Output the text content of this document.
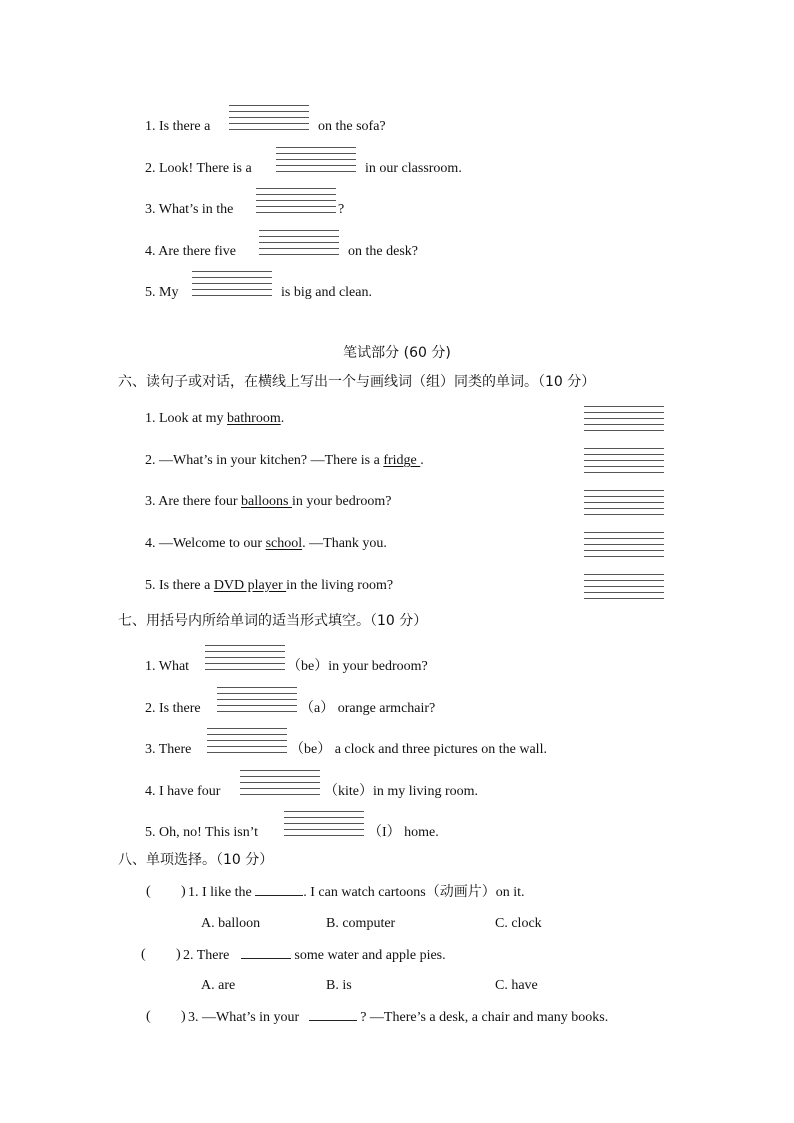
1. Is there a	on the sofa?
2. Look! There is a	in our classroom.
3. What’s in the	?
4. Are there five	on the desk?
5. My	is big and clean.
笔试部分 (60 分)
六、读句子或对话，在横线上写出一个与画线词（组）同类的单词。（10 分）
1. Look at my bathroom.
2. —What’s in your kitchen? —There is a fridge .
3. Are there four balloons in your bedroom?
4. —Welcome to our school. —Thank you.
5. Is there a DVD player in the living room?
七、用括号内所给单词的适当形式填空。（10 分）
1. What	（be）in your bedroom?
2. Is there	（a） orange armchair?
3. There	（be） a clock and three pictures on the wall.
4. I have four	（kite）in my living room.
5. Oh, no! This isn’t	（I） home.
八、单项选择。（10 分）
( ) 1. I like the	. I can watch cartoons（动画片）on it.
A. balloon	B. computer	C. clock
( ) 2. There	some water and apple pies.
A. are	B. is	C. have
( ) 3. —What’s in your	? —There’s a desk, a chair and many books.
